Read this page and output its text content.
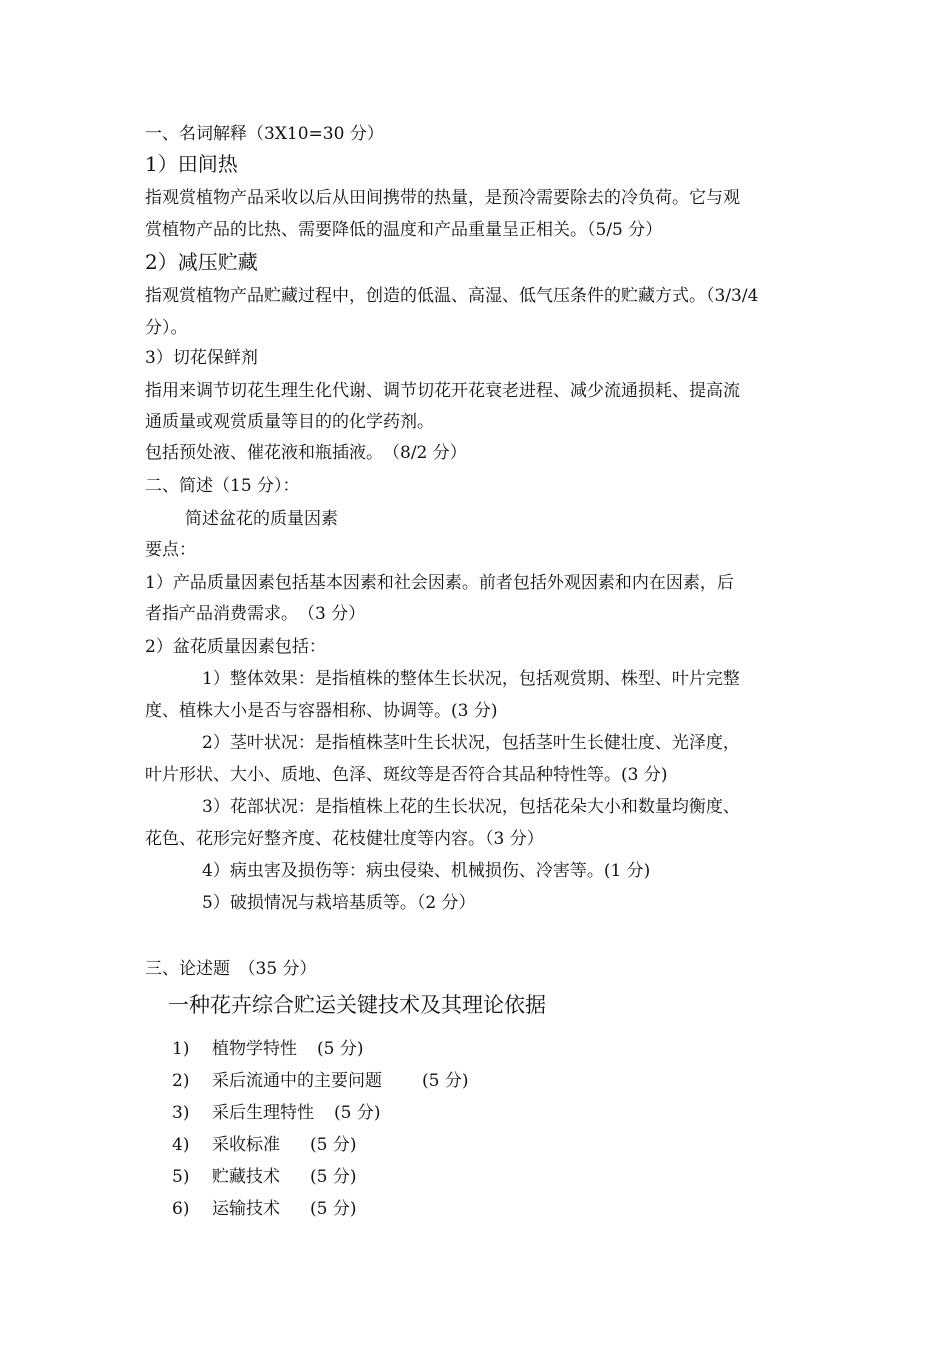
一、名词解释（3X10=30 分）
1）田间热
指观赏植物产品采收以后从田间携带的热量，是预冷需要除去的冷负荷。它与观
赏植物产品的比热、需要降低的温度和产品重量呈正相关。（5/5 分）
2）减压贮藏
指观赏植物产品贮藏过程中，创造的低温、高湿、低气压条件的贮藏方式。（3/3/4
分）。
3）切花保鲜剂
指用来调节切花生理生化代谢、调节切花开花衰老进程、减少流通损耗、提高流
通质量或观赏质量等目的的化学药剂。
包括预处液、催花液和瓶插液。　（8/2 分）
二、简述（15 分）：
简述盆花的质量因素
要点：
1）产品质量因素包括基本因素和社会因素。前者包括外观因素和内在因素，后
者指产品消费需求。　（3 分）
2）盆花质量因素包括：
1）整体效果：是指植株的整体生长状况，包括观赏期、株型、叶片完整
度、植株大小是否与容器相称、协调等。(3 分)
2）茎叶状况：是指植株茎叶生长状况，包括茎叶生长健壮度、光泽度，
叶片形状、大小、质地、色泽、斑纹等是否符合其品种特性等。(3 分)
3）花部状况：是指植株上花的生长状况，包括花朵大小和数量均衡度、
花色、花形完好整齐度、花枝健壮度等内容。（3 分）
4）病虫害及损伤等：病虫侵染、机械损伤、冷害等。(1 分)
5）破损情况与栽培基质等。（2 分）
三、论述题　（35 分）
一种花卉综合贮运关键技术及其理论依据
1) 植物学特性 (5 分)
2) 采后流通中的主要问题 (5 分)
3) 采后生理特性 (5 分)
4) 采收标准 (5 分)
5) 贮藏技术 (5 分)
6) 运输技术 (5 分)
